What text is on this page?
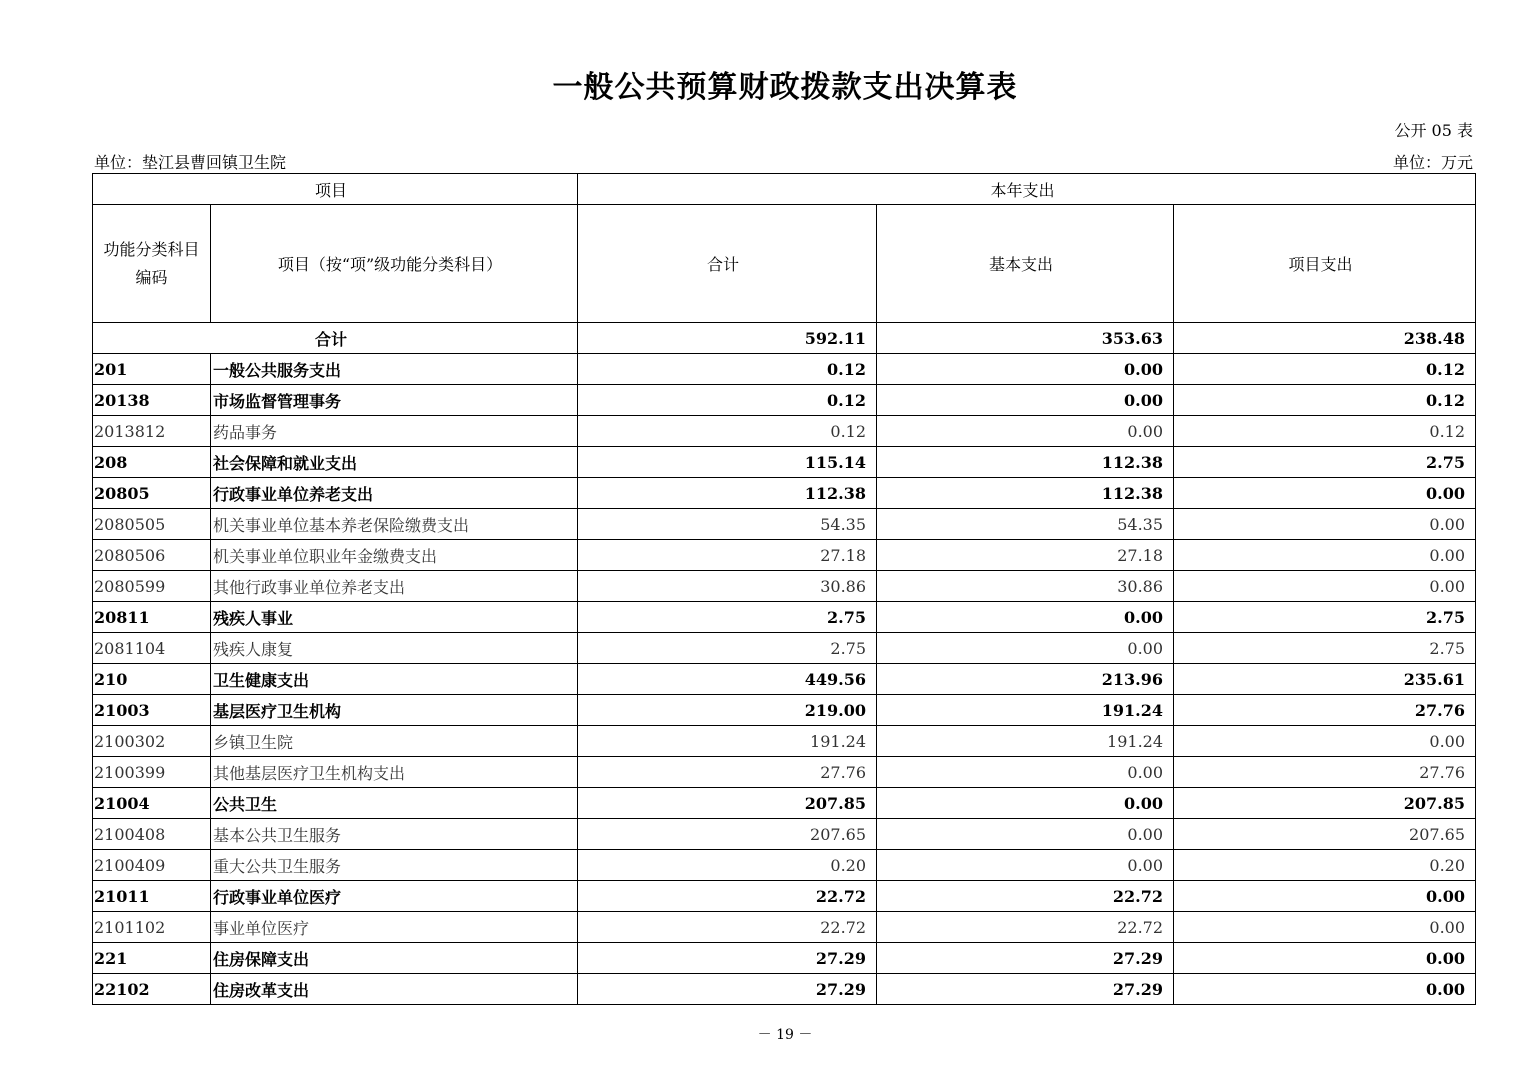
一般公共预算财政拨款支出决算表
公开 05 表
单位：垫江县曹回镇卫生院	单位：万元
项目		本年支出		
功能分类科目编码	项目（按“项”级功能分类科目）	合计	基本支出	项目支出
合计		592.11	353.63	238.48
201	一般公共服务支出	0.12	0.00	0.12
20138	市场监督管理事务	0.12	0.00	0.12
2013812	药品事务	0.12	0.00	0.12
208	社会保障和就业支出	115.14	112.38	2.75
20805	行政事业单位养老支出	112.38	112.38	0.00
2080505	机关事业单位基本养老保险缴费支出	54.35	54.35	0.00
2080506	机关事业单位职业年金缴费支出	27.18	27.18	0.00
2080599	其他行政事业单位养老支出	30.86	30.86	0.00
20811	残疾人事业	2.75	0.00	2.75
2081104	残疾人康复	2.75	0.00	2.75
210	卫生健康支出	449.56	213.96	235.61
21003	基层医疗卫生机构	219.00	191.24	27.76
2100302	乡镇卫生院	191.24	191.24	0.00
2100399	其他基层医疗卫生机构支出	27.76	0.00	27.76
21004	公共卫生	207.85	0.00	207.85
2100408	基本公共卫生服务	207.65	0.00	207.65
2100409	重大公共卫生服务	0.20	0.00	0.20
21011	行政事业单位医疗	22.72	22.72	0.00
2101102	事业单位医疗	22.72	22.72	0.00
221	住房保障支出	27.29	27.29	0.00
22102	住房改革支出	27.29	27.29	0.00
－ 19 －
